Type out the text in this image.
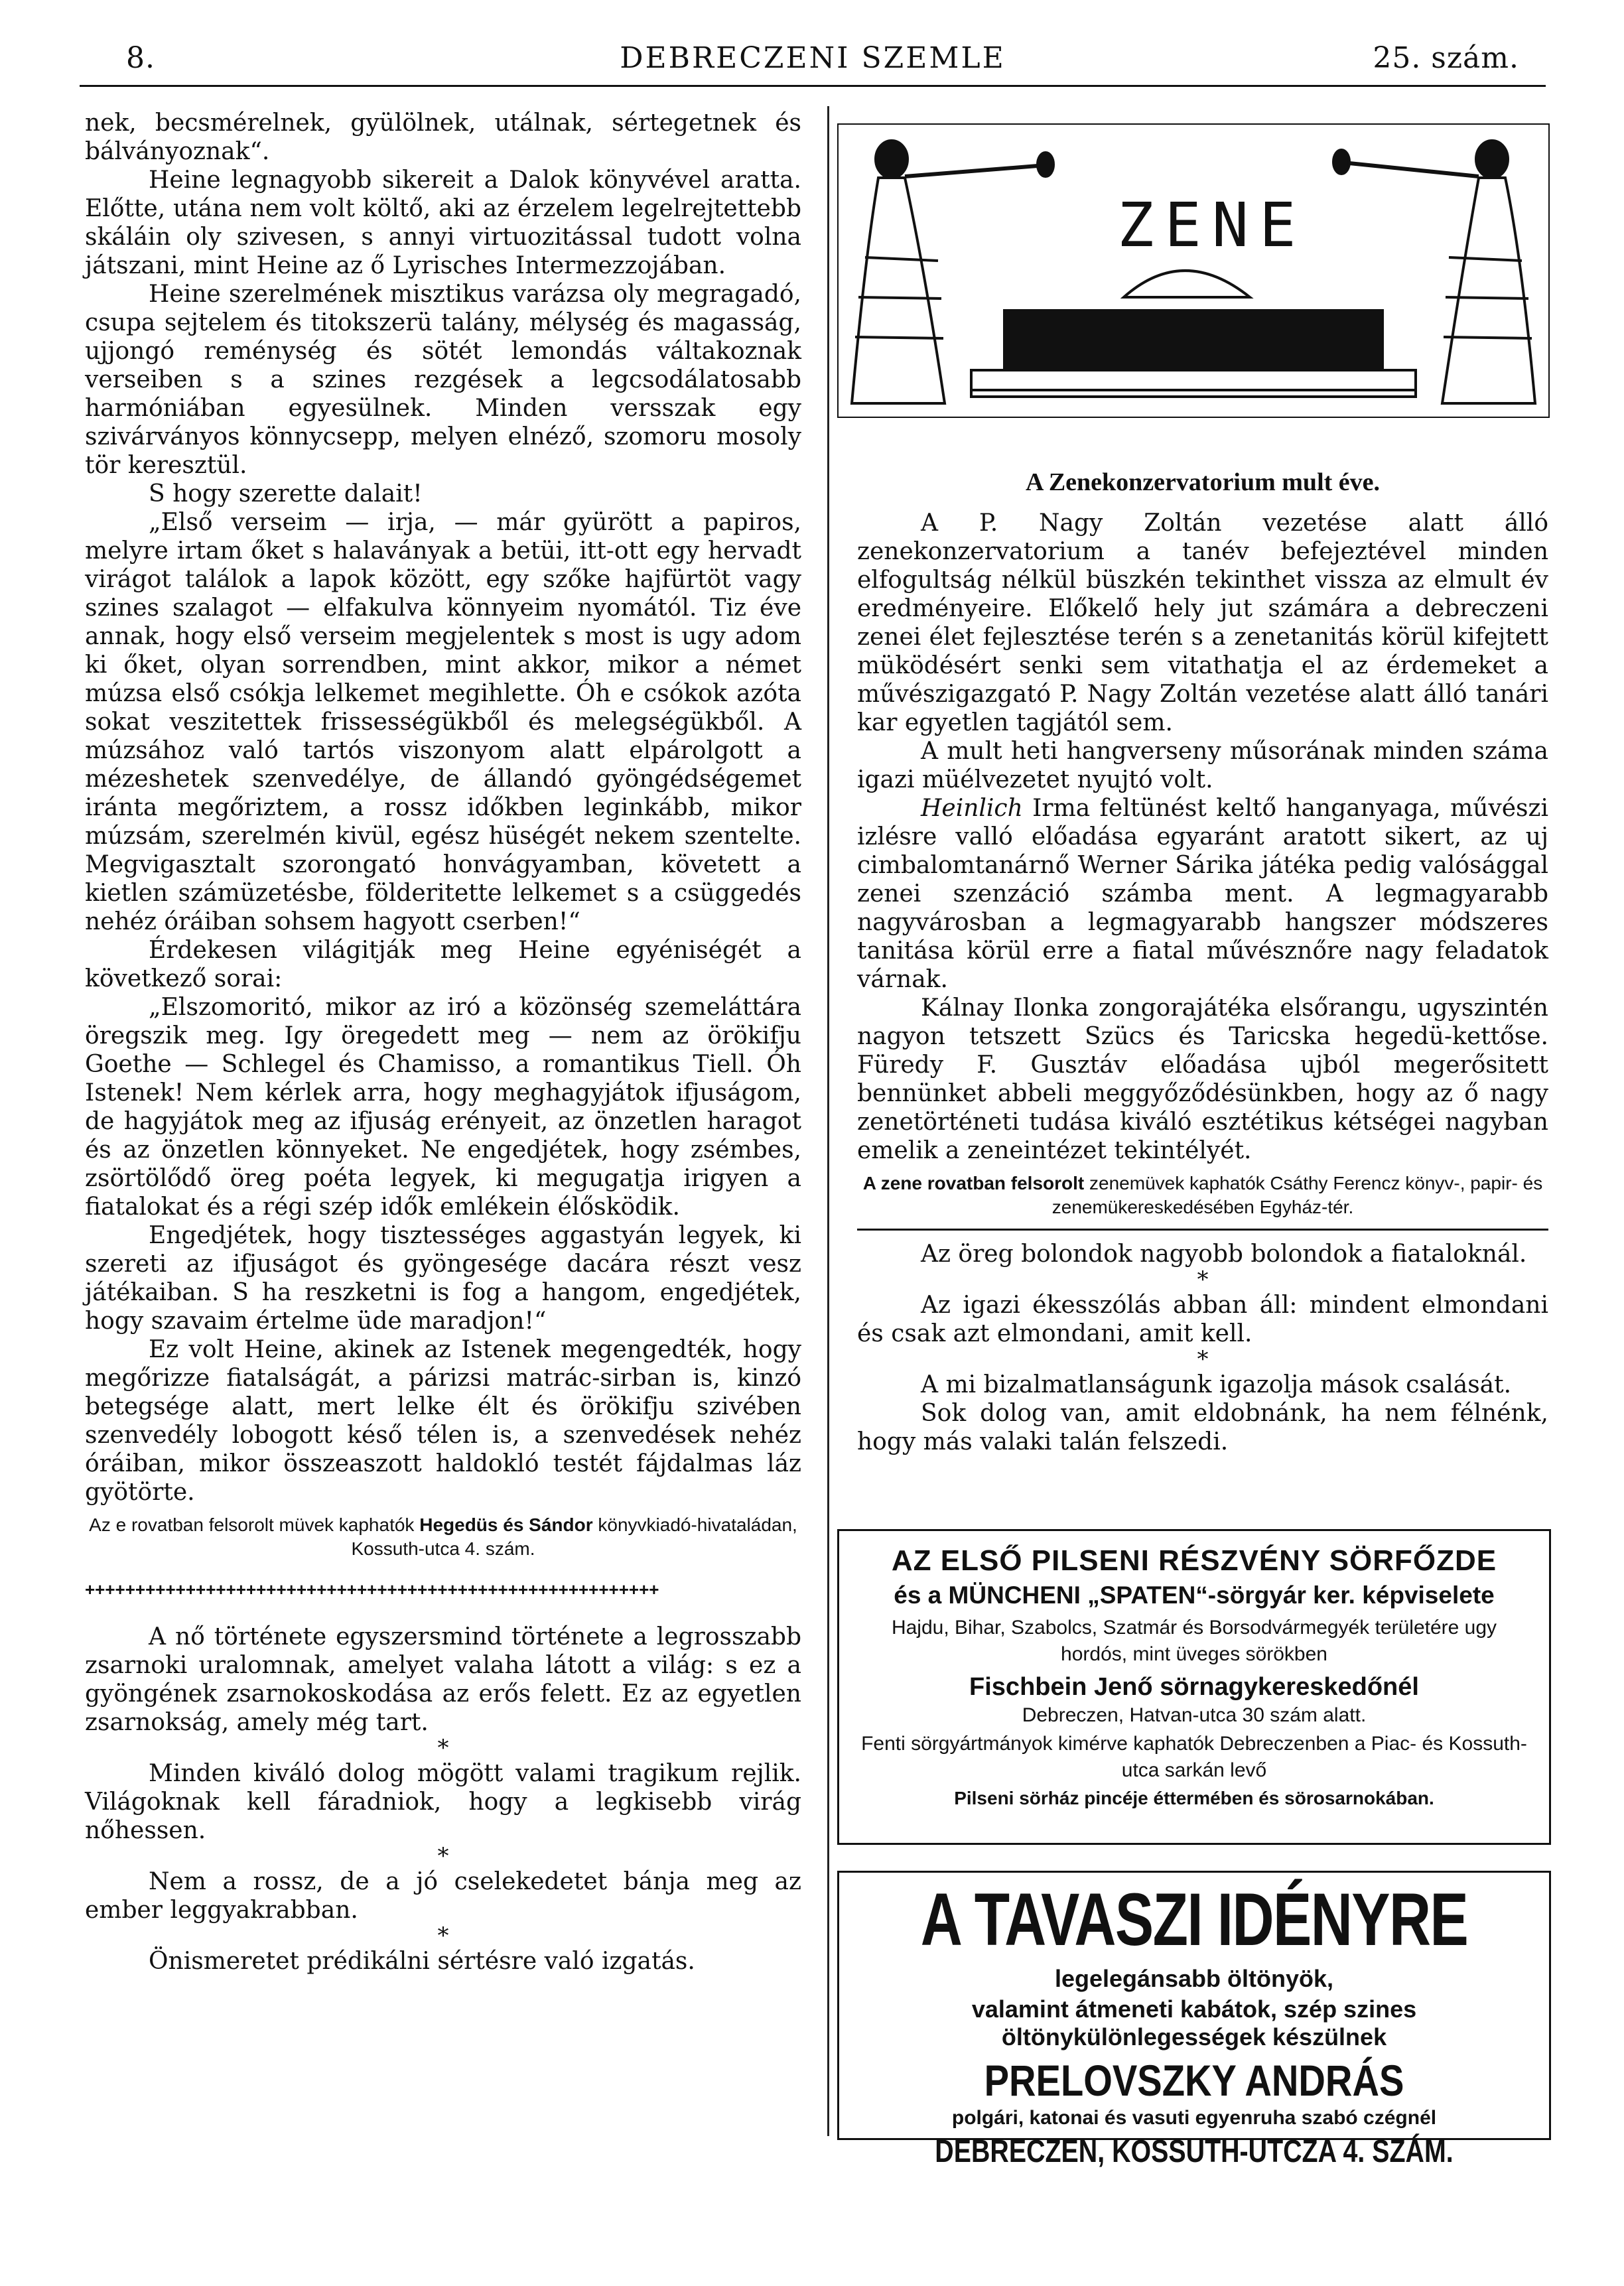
8.	DEBRECZENI SZEMLE	25. szám.

nek, becsmérelnek, gyülölnek, utálnak, sértegetnek és bálványoznak“.

Heine legnagyobb sikereit a Dalok könyvével aratta. Előtte, utána nem volt költő, aki az érzelem legelrejtettebb skáláin oly szivesen, s annyi virtuozitással tudott volna játszani, mint Heine az ő Lyrisches Intermezzojában.

Heine szerelmének misztikus varázsa oly megragadó, csupa sejtelem és titokszerü talány, mélység és magasság, ujjongó reménység és sötét lemondás váltakoznak verseiben s a szines rezgések a legcsodálatosabb harmóniában egyesülnek. Minden versszak egy szivárványos könnycsepp, melyen elnéző, szomoru mosoly tör keresztül.

S hogy szerette dalait!

„Első verseim — irja, — már gyürött a papiros, melyre irtam őket s halaványak a betüi, itt-ott egy hervadt virágot találok a lapok között, egy szőke hajfürtöt vagy szines szalagot — elfakulva könnyeim nyomától. Tiz éve annak, hogy első verseim megjelentek s most is ugy adom ki őket, olyan sorrendben, mint akkor, mikor a német múzsa első csókja lelkemet megihlette. Óh e csókok azóta sokat veszitettek frissességükből és melegségükből. A múzsához való tartós viszonyom alatt elpárolgott a mézeshetek szenvedélye, de állandó gyöngédségemet iránta megőriztem, a rossz időkben leginkább, mikor múzsám, szerelmén kivül, egész hüségét nekem szentelte. Megvigasztalt szorongató honvágyamban, követett a kietlen számüzetésbe, földeritette lelkemet s a csüggedés nehéz óráiban sohsem hagyott cserben!“

Érdekesen világitják meg Heine egyéniségét a következő sorai:

„Elszomoritó, mikor az iró a közönség szemeláttára öregszik meg. Igy öregedett meg — nem az örökifju Goethe — Schlegel és Chamisso, a romantikus Tiell. Óh Istenek! Nem kérlek arra, hogy meghagyjátok ifjuságom, de hagyjátok meg az ifjuság erényeit, az önzetlen haragot és az önzetlen könnyeket. Ne engedjétek, hogy zsémbes, zsörtölődő öreg poéta legyek, ki megugatja irigyen a fiatalokat és a régi szép idők emlékein élősködik.

Engedjétek, hogy tisztességes aggastyán legyek, ki szereti az ifjuságot és gyöngesége dacára részt vesz játékaiban. S ha reszketni is fog a hangom, engedjétek, hogy szavaim értelme üde maradjon!“

Ez volt Heine, akinek az Istenek megengedték, hogy megőrizze fiatalságát, a párizsi matrác-sirban is, kinzó betegsége alatt, mert lelke élt és örökifju szivében szenvedély lobogott késő télen is, a szenvedések nehéz óráiban, mikor összeaszott haldokló testét fájdalmas láz gyötörte.

Az e rovatban felsorolt müvek kaphatók Hegedüs és Sándor könyvkiadó-hivataládan, Kossuth-utca 4. szám.
+++++++++++++++++++++++++++++++++++++++++++++++++++++++++

A nő története egyszersmind története a legrosszabb zsarnoki uralomnak, amelyet valaha látott a világ: s ez a gyöngének zsarnokoskodása az erős felett. Ez az egyetlen zsarnokság, amely még tart.

*

Minden kiváló dolog mögött valami tragikum rejlik. Világoknak kell fáradniok, hogy a legkisebb virág nőhessen.

*

Nem a rossz, de a jó cselekedetet bánja meg az ember leggyakrabban.

*

Önismeretet prédikálni sértésre való izgatás.

ZENE
A Zenekonzervatorium mult éve.

A P. Nagy Zoltán vezetése alatt álló zenekonzervatorium a tanév befejeztével minden elfogultság nélkül büszkén tekinthet vissza az elmult év eredményeire. Előkelő hely jut számára a debreczeni zenei élet fejlesztése terén s a zenetanitás körül kifejtett müködésért senki sem vitathatja el az érdemeket a művészigazgató P. Nagy Zoltán vezetése alatt álló tanári kar egyetlen tagjától sem.

A mult heti hangverseny műsorának minden száma igazi müélvezetet nyujtó volt.

Heinlich Irma feltünést keltő hanganyaga, művészi izlésre valló előadása egyaránt aratott sikert, az uj cimbalomtanárnő Werner Sárika játéka pedig valósággal zenei szenzáció számba ment. A legmagyarabb nagyvárosban a legmagyarabb hangszer módszeres tanitása körül erre a fiatal művésznőre nagy feladatok várnak.

Kálnay Ilonka zongorajátéka elsőrangu, ugyszintén nagyon tetszett Szücs és Taricska hegedü-kettőse. Füredy F. Gusztáv előadása ujból megerősitett bennünket abbeli meggyőződésünkben, hogy az ő nagy zenetörténeti tudása kiváló esztétikus kétségei nagyban emelik a zeneintézet tekintélyét.

A zene rovatban felsorolt zenemüvek kaphatók Csáthy Ferencz könyv-, papir- és zenemükereskedésében Egyház-tér.

Az öreg bolondok nagyobb bolondok a fiataloknál.

*

Az igazi ékesszólás abban áll: mindent elmondani és csak azt elmondani, amit kell.

*

A mi bizalmatlanságunk igazolja mások csalását.

Sok dolog van, amit eldobnánk, ha nem félnénk, hogy más valaki talán felszedi.

AZ ELSŐ PILSENI RÉSZVÉNY SÖRFŐZDE
és a MÜNCHENI „SPATEN“-sörgyár ker. képviselete
Hajdu, Bihar, Szabolcs, Szatmár és Borsodvármegyék területére ugy hordós, mint üveges sörökben
Fischbein Jenő sörnagykereskedőnél
Debreczen, Hatvan-utca 30 szám alatt.
Fenti sörgyártmányok kimérve kaphatók Debreczenben a Piac- és Kossuth-utca sarkán levő
Pilseni sörház pincéje éttermében és sörosarnokában.
A TAVASZI IDÉNYRE
legelegánsabb öltönyök,
valamint átmeneti kabátok, szép szines öltönykülönlegességek készülnek
PRELOVSZKY ANDRÁS
polgári, katonai és vasuti egyenruha szabó czégnél
DEBRECZEN, KOSSUTH-UTCZA 4. SZÁM.
